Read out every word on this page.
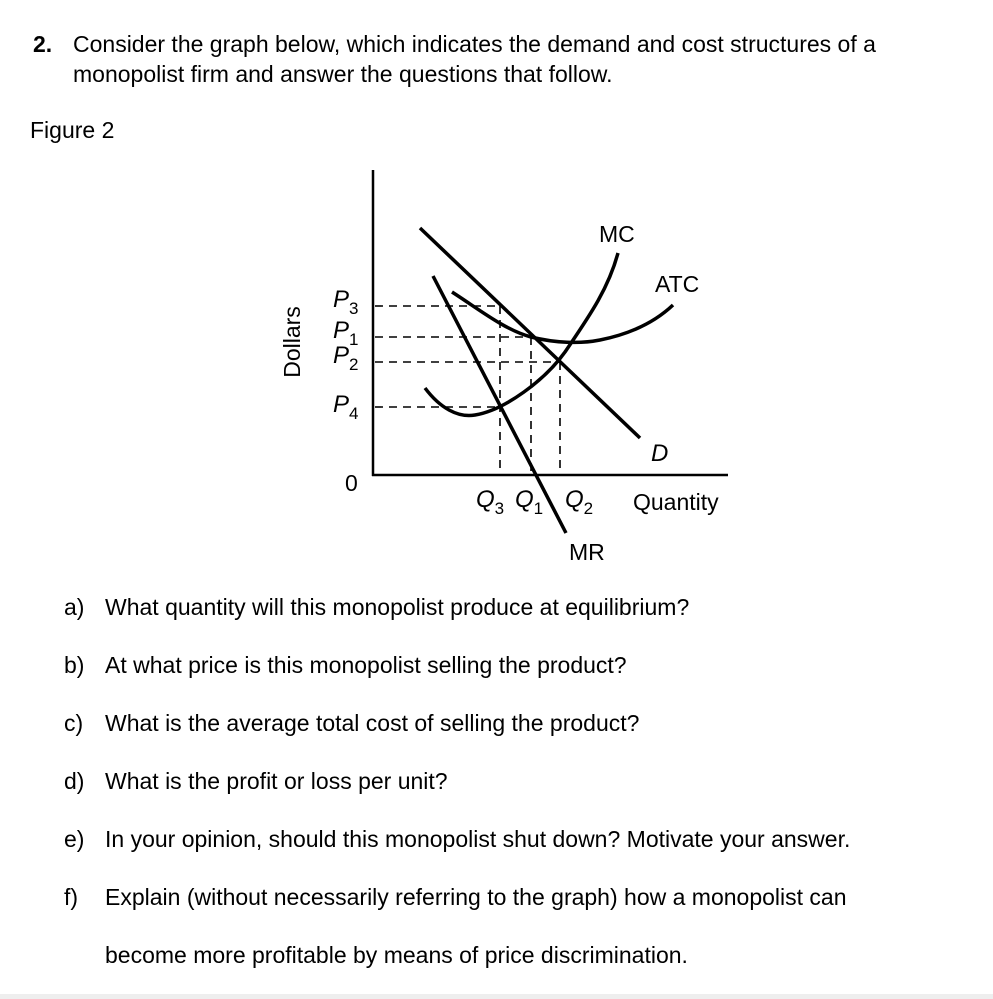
2. Consider the graph below, which indicates the demand and cost structures of a
monopolist firm and answer the questions that follow.
Figure 2
Dollars
$P_3$
$P_1$
$P_2$
$P_4$
$Q_3$ $Q_1$ $Q_2$
D
0
Quantity
MC
ATC
MR
a) What quantity will this monopolist produce at equilibrium?
b) At what price is this monopolist selling the product?
c) What is the average total cost of selling the product?
d) What is the profit or loss per unit?
e) In your opinion, should this monopolist shut down? Motivate your answer.
f) Explain (without necessarily referring to the graph) how a monopolist can
become more profitable by means of price discrimination.
